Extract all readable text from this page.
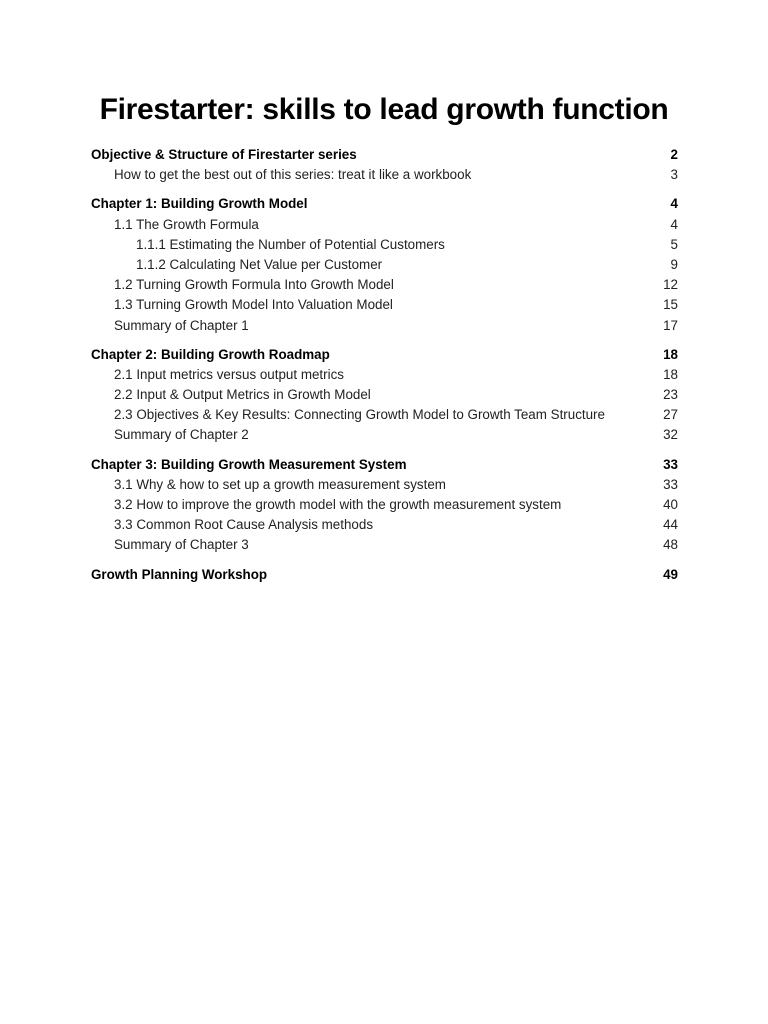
Firestarter: skills to lead growth function
Objective & Structure of Firestarter series	2
How to get the best out of this series: treat it like a workbook	3
Chapter 1: Building Growth Model	4
1.1 The Growth Formula	4
1.1.1 Estimating the Number of Potential Customers	5
1.1.2 Calculating Net Value per Customer	9
1.2 Turning Growth Formula Into Growth Model	12
1.3 Turning Growth Model Into Valuation Model	15
Summary of Chapter 1	17
Chapter 2: Building Growth Roadmap	18
2.1 Input metrics versus output metrics	18
2.2 Input & Output Metrics in Growth Model	23
2.3 Objectives & Key Results: Connecting Growth Model to Growth Team Structure	27
Summary of Chapter 2	32
Chapter 3: Building Growth Measurement System	33
3.1 Why & how to set up a growth measurement system	33
3.2 How to improve the growth model with the growth measurement system	40
3.3 Common Root Cause Analysis methods	44
Summary of Chapter 3	48
Growth Planning Workshop	49
